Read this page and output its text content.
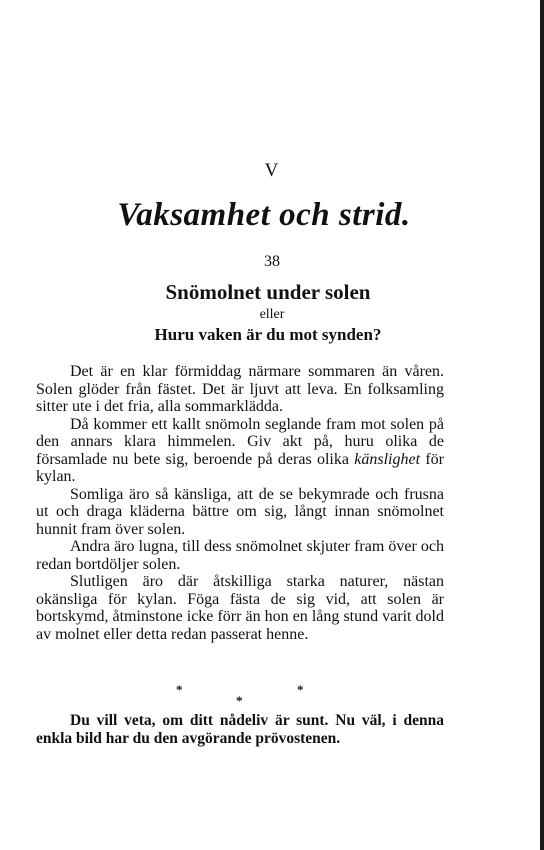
V
Vaksamhet och strid.
38
Snömolnet under solen
eller
Huru vaken är du mot synden?

Det är en klar förmiddag närmare sommaren än våren. Solen glöder från fästet. Det är ljuvt att leva. En folksamling sitter ute i det fria, alla sommarklädda.

Då kommer ett kallt snömoln seglande fram mot solen på den annars klara himmelen. Giv akt på, huru olika de församlade nu bete sig, beroende på deras olika känslighet för kylan.

Somliga äro så känsliga, att de se bekymrade och frusna ut och draga kläderna bättre om sig, långt innan snömolnet hunnit fram över solen.

Andra äro lugna, till dess snömolnet skjuter fram över och redan bortdöljer solen.

Slutligen äro där åtskilliga starka naturer, nästan okänsliga för kylan. Föga fästa de sig vid, att solen är bortskymd, åtminstone icke förr än hon en lång stund varit dold av molnet eller detta redan passerat henne.

*	*
*

Du vill veta, om ditt nådeliv är sunt. Nu väl, i denna enkla bild har du den avgörande prövostenen.
